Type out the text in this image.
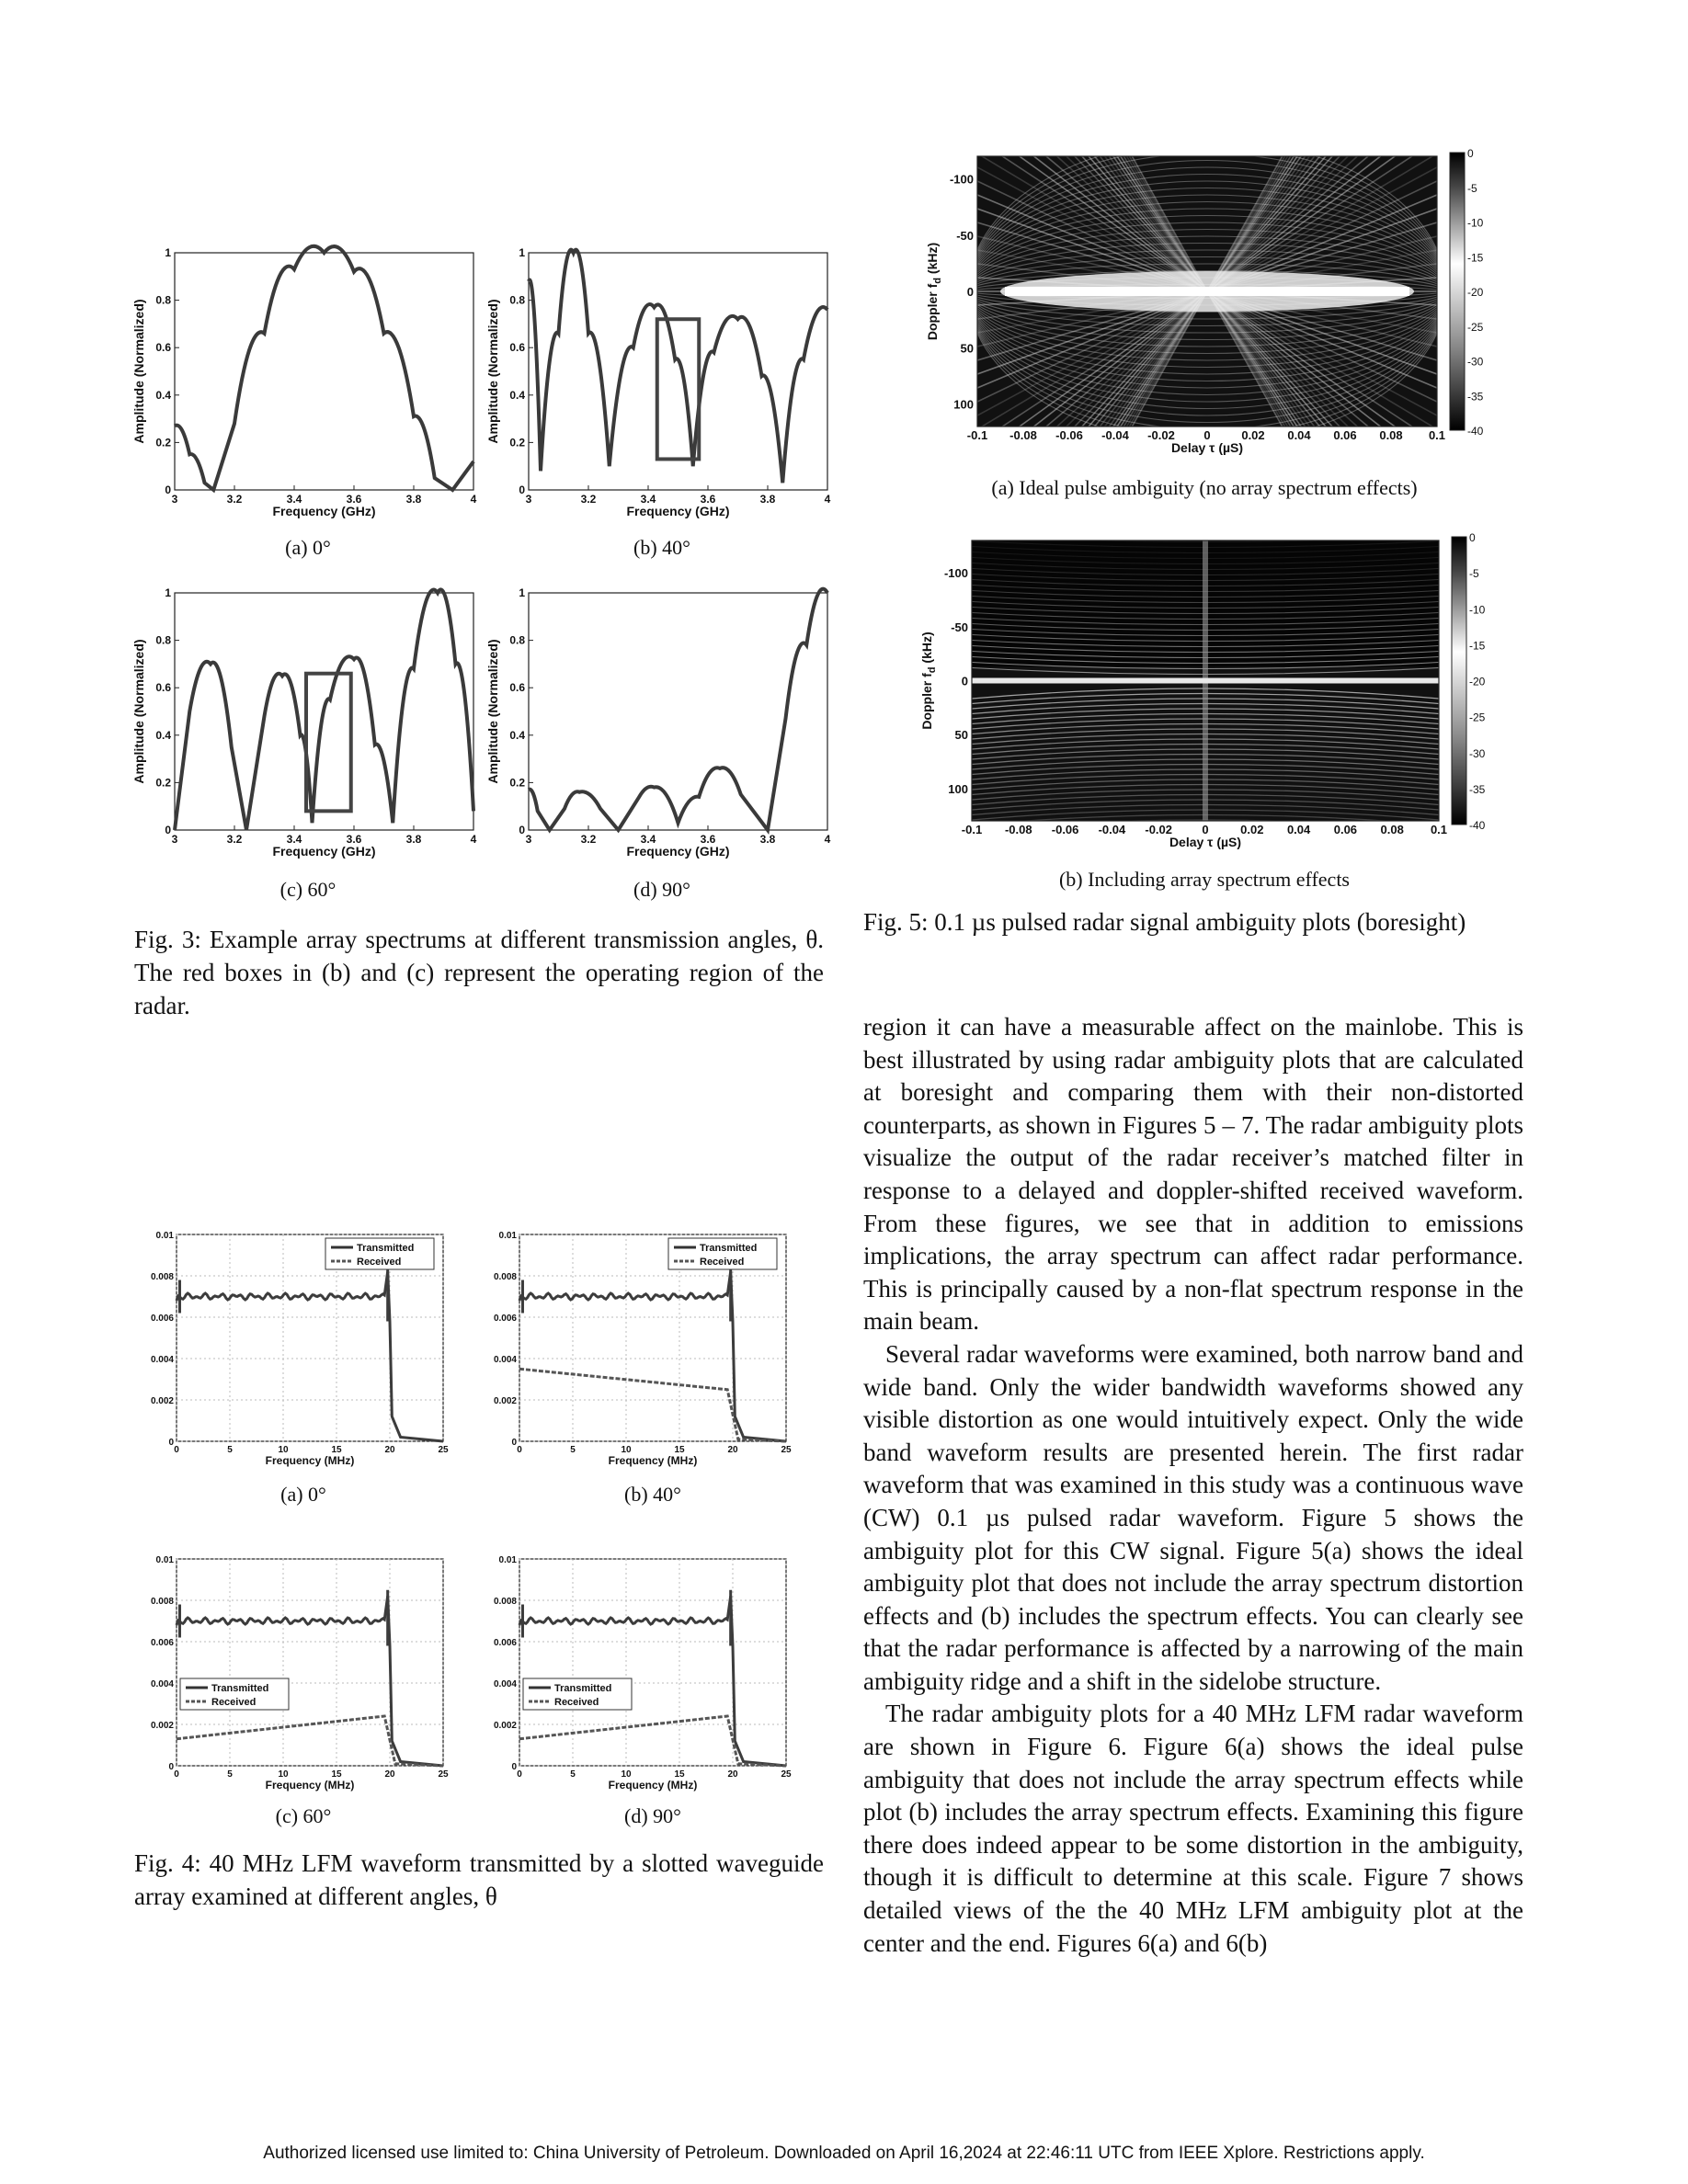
3	3.2	3.4	3.6	3.8	4
0
0.2
0.4
0.6
0.8
1
Frequency (GHz)
Amplitude (Normalized)
3	3.2	3.4	3.6	3.8	4
0
0.2
0.4
0.6
0.8
1
Frequency (GHz)
Amplitude (Normalized)
3	3.2	3.4	3.6	3.8	4
0
0.2
0.4
0.6
0.8
1
Frequency (GHz)
Amplitude (Normalized)
3	3.2	3.4	3.6	3.8	4
0
0.2
0.4
0.6
0.8
1
Frequency (GHz)
Amplitude (Normalized)
(a) 0°	(b) 40°
(c) 60°	(d) 90°
Fig. 3: Example array spectrums at different transmission angles, θ. The red boxes in (b) and (c) represent the operating region of the radar.
0	5	10	15	20	25
0
0.002
0.004
0.006
0.008
0.01
Frequency (MHz)
Transmitted
Received
0	5	10	15	20	25
0
0.002
0.004
0.006
0.008
0.01
Frequency (MHz)
Transmitted
Received
0	5	10	15	20	25
0
0.002
0.004
0.006
0.008
0.01
Frequency (MHz)
Transmitted
Received
0	5	10	15	20	25
0
0.002
0.004
0.006
0.008
0.01
Frequency (MHz)
Transmitted
Received
(a) 0°	(b) 40°
(c) 60°	(d) 90°
Fig. 4: 40 MHz LFM waveform transmitted by a slotted waveguide array examined at different angles, θ
-0.1 -0.08 -0.06 -0.04 -0.02 0	0.02 0.04 0.06 0.08 0.1
-100
-50
0
50
100
Delay τ (µS)
Doppler $f_d$ (kHz)
0
-5
-10
-15
-20
-25
-30
-35
-40
(a) Ideal pulse ambiguity (no array spectrum effects)
-0.1 -0.08 -0.06 -0.04 -0.02 0	0.02 0.04 0.06 0.08 0.1
-100
-50
0
50
100
Delay τ (µS)
Doppler $f_d$ (kHz)
0
-5
-10
-15
-20
-25
-30
-35
-40
(b) Including array spectrum effects
Fig. 5: 0.1 µs pulsed radar signal ambiguity plots (boresight)

region it can have a measurable affect on the mainlobe. This is best illustrated by using radar ambiguity plots that are calculated at boresight and comparing them with their non-distorted counterparts, as shown in Figures 5 – 7. The radar ambiguity plots visualize the output of the radar receiver’s matched filter in response to a delayed and doppler-shifted received waveform. From these figures, we see that in addition to emissions implications, the array spectrum can affect radar performance. This is principally caused by a non-flat spectrum response in the main beam.

Several radar waveforms were examined, both narrow band and wide band. Only the wider bandwidth waveforms showed any visible distortion as one would intuitively expect. Only the wide band waveform results are presented herein. The first radar waveform that was examined in this study was a continuous wave (CW) 0.1 µs pulsed radar waveform. Figure 5 shows the ambiguity plot for this CW signal. Figure 5(a) shows the ideal ambiguity plot that does not include the array spectrum distortion effects and (b) includes the spectrum effects. You can clearly see that the radar performance is affected by a narrowing of the main ambiguity ridge and a shift in the sidelobe structure.

The radar ambiguity plots for a 40 MHz LFM radar waveform are shown in Figure 6. Figure 6(a) shows the ideal pulse ambiguity that does not include the array spectrum effects while plot (b) includes the array spectrum effects. Examining this figure there does indeed appear to be some distortion in the ambiguity, though it is difficult to determine at this scale. Figure 7 shows detailed views of the the 40 MHz LFM ambiguity plot at the center and the end. Figures 6(a) and 6(b)

Authorized licensed use limited to: China University of Petroleum. Downloaded on April 16,2024 at 22:46:11 UTC from IEEE Xplore. Restrictions apply.
